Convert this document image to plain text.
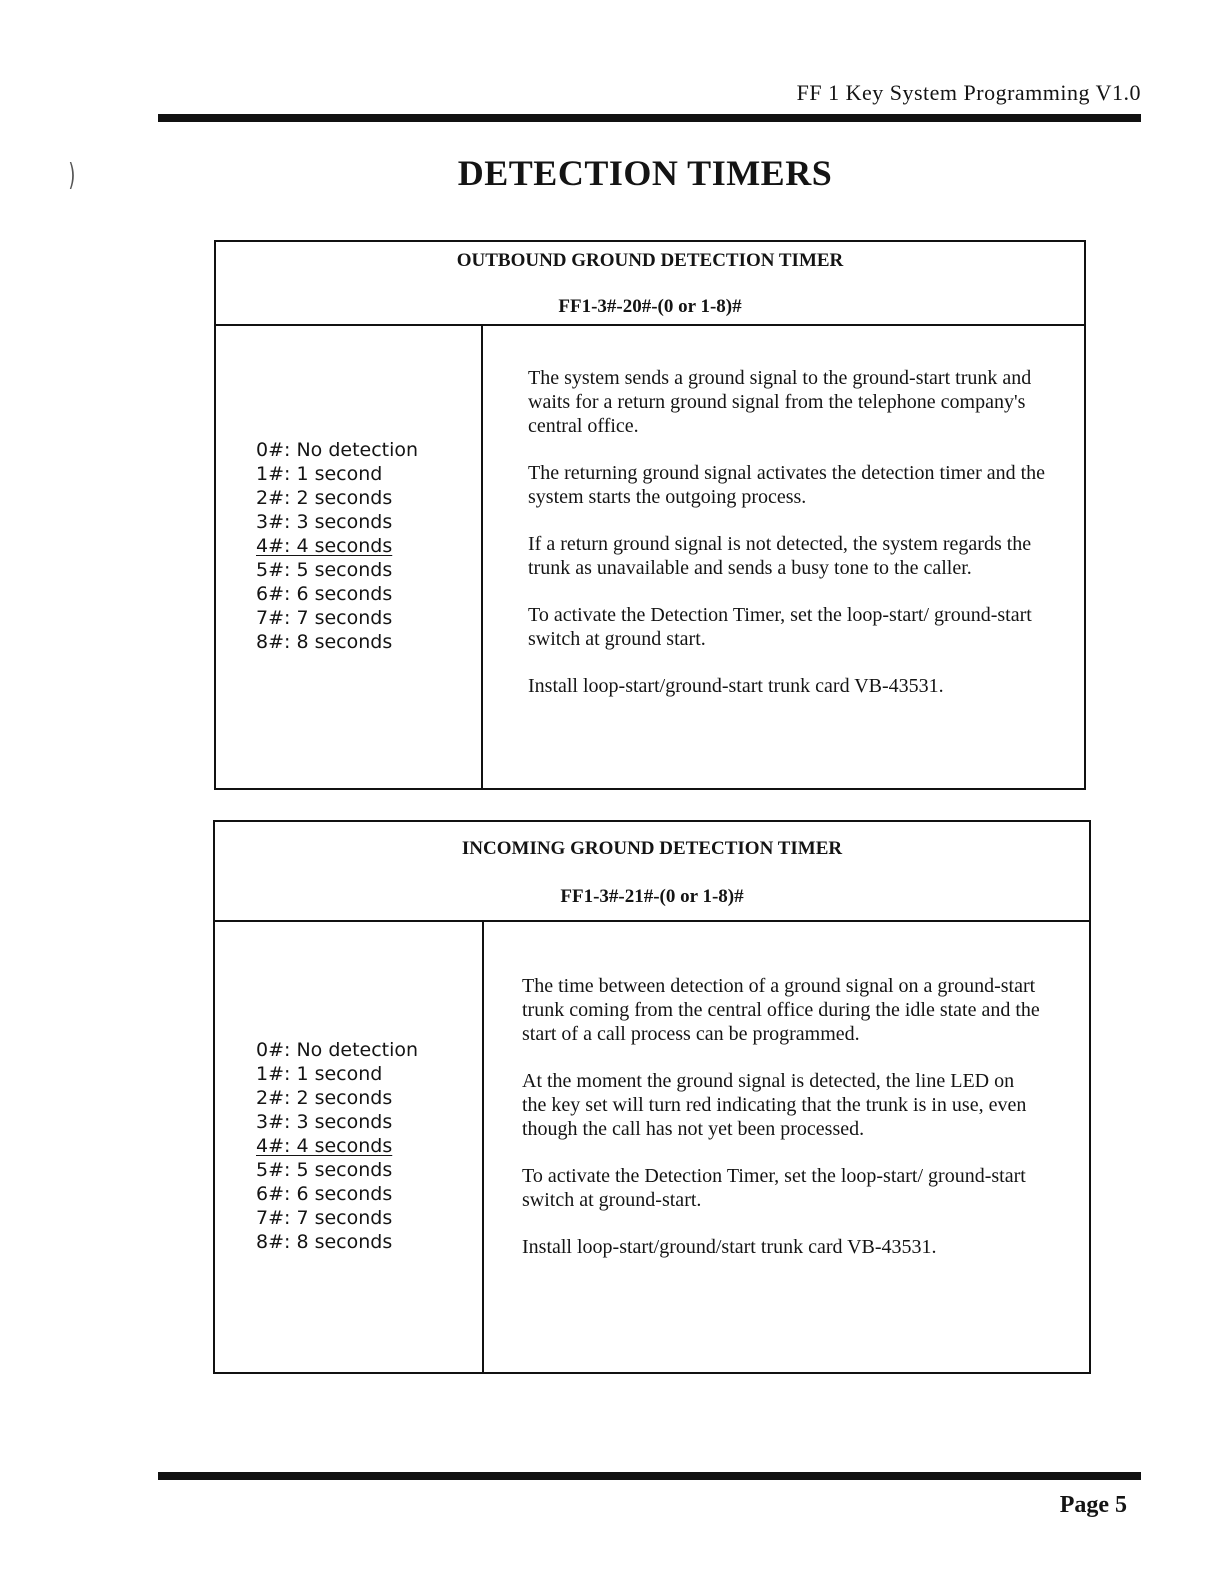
FF 1 Key System Programming V1.0
)	DETECTION TIMERS
OUTBOUND GROUND DETECTION TIMER
FF1-3#-20#-(0 or 1-8)#
0#: No detection
1#: 1 second
2#: 2 seconds
3#: 3 seconds
4#: 4 seconds
5#: 5 seconds
6#: 6 seconds
7#: 7 seconds
8#: 8 seconds

The system sends a ground signal to the ground-start trunk and waits for a return ground signal from the telephone company's central office.

The returning ground signal activates the detection timer and the system starts the outgoing process.

If a return ground signal is not detected, the system regards the trunk as unavailable and sends a busy tone to the caller.

To activate the Detection Timer, set the loop-start/ ground-start switch at ground start.

Install loop-start/ground-start trunk card VB-43531.

INCOMING GROUND DETECTION TIMER
FF1-3#-21#-(0 or 1-8)#
0#: No detection
1#: 1 second
2#: 2 seconds
3#: 3 seconds
4#: 4 seconds
5#: 5 seconds
6#: 6 seconds
7#: 7 seconds
8#: 8 seconds

The time between detection of a ground signal on a ground-start trunk coming from the central office during the idle state and the start of a call process can be programmed.

At the moment the ground signal is detected, the line LED on the key set will turn red indicating that the trunk is in use, even though the call has not yet been processed.

To activate the Detection Timer, set the loop-start/ ground-start switch at ground-start.

Install loop-start/ground/start trunk card VB-43531.

Page 5
